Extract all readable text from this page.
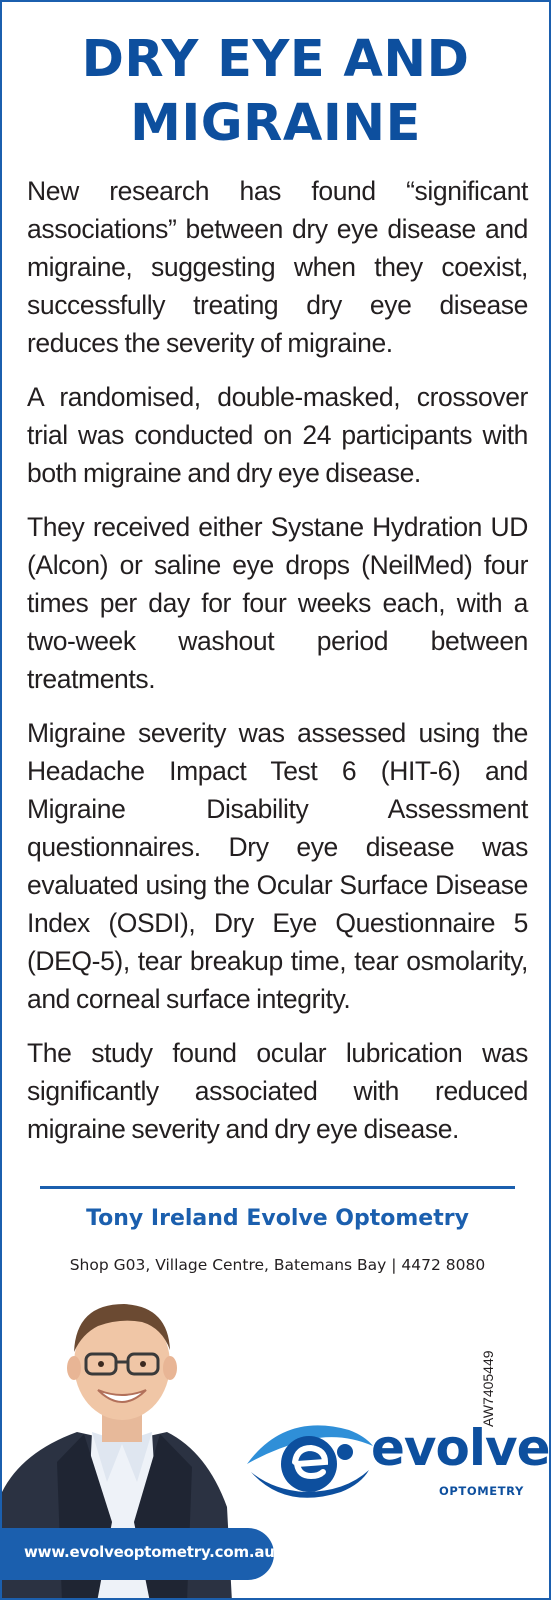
DRY EYE AND
MIGRAINE

New research has found “significant associations” between dry eye disease and migraine, suggesting when they coexist, successfully treating dry eye disease reduces the severity of migraine.

A randomised, double-masked, crossover trial was conducted on 24 participants with both migraine and dry eye disease.

They received either Systane Hydration UD (Alcon) or saline eye drops (NeilMed) four times per day for four weeks each, with a two-week washout period between treatments.

Migraine severity was assessed using the Headache Impact Test 6 (HIT-6) and Migraine Disability Assessment questionnaires. Dry eye disease was evaluated using the Ocular Surface Disease Index (OSDI), Dry Eye Questionnaire 5 (DEQ-5), tear breakup time, tear osmolarity, and corneal surface integrity.

The study found ocular lubrication was significantly associated with reduced migraine severity and dry eye disease.

Tony Ireland Evolve Optometry
Shop G03, Village Centre, Batemans Bay | 4472 8080
AW7405449
evolve
OPTOMETRY
www.evolveoptometry.com.au
